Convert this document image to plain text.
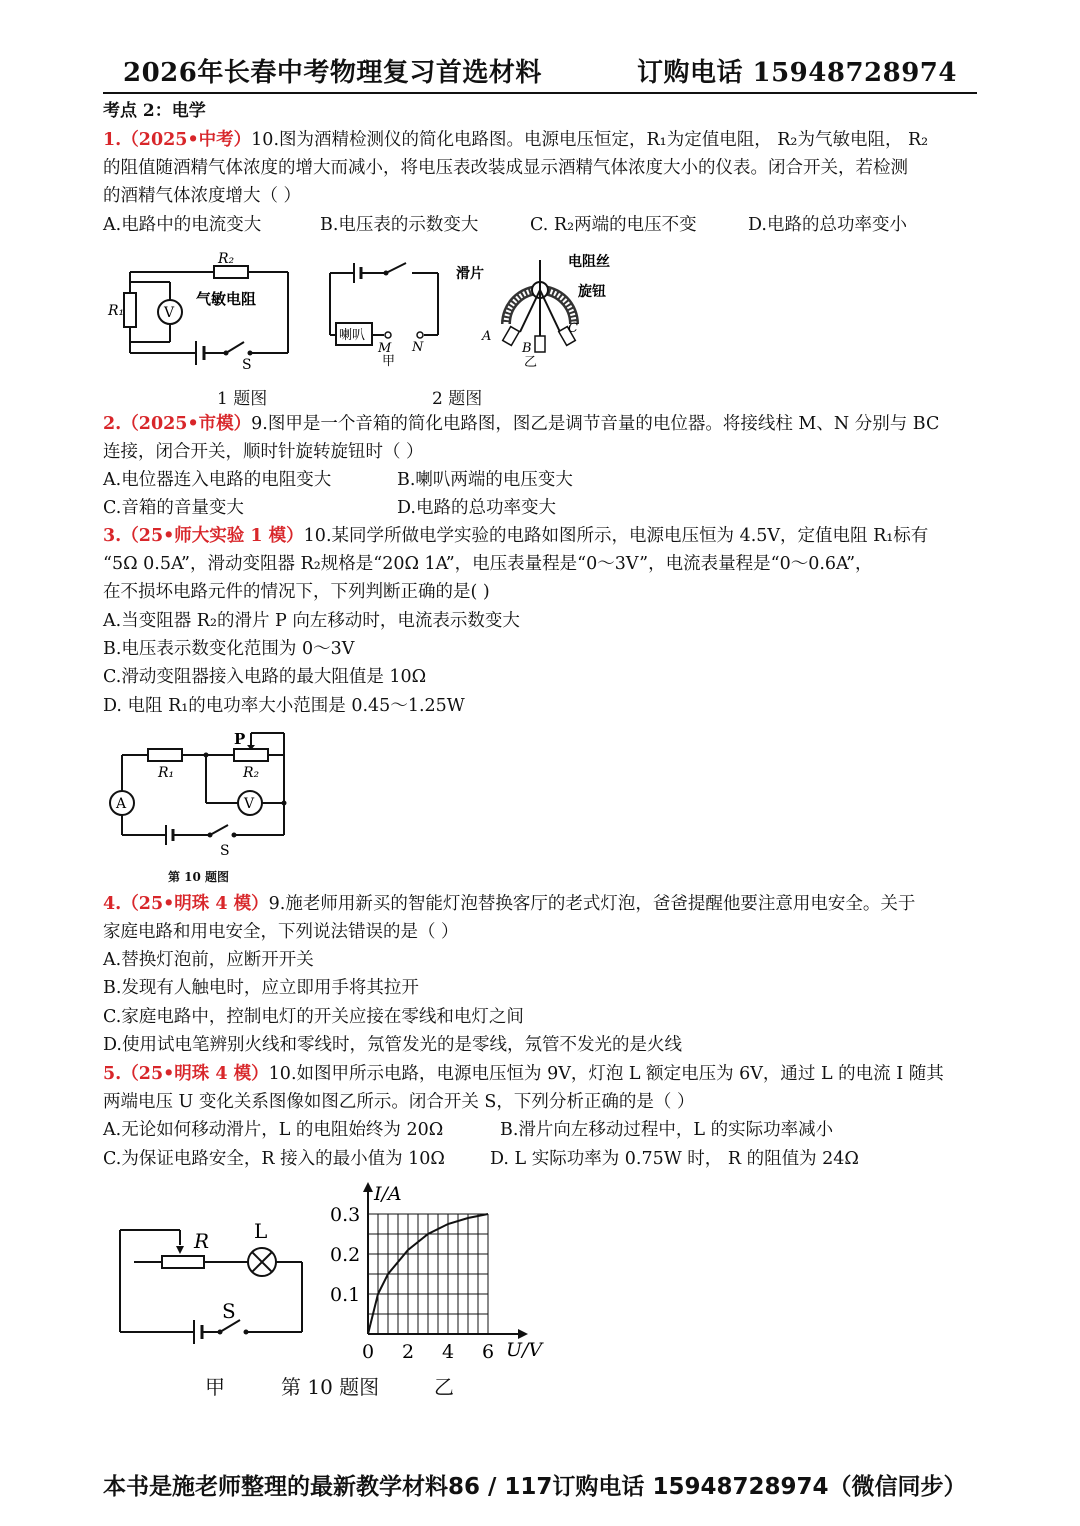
2026年长春中考物理复习首选材料	订购电话 15948728974
考点 2：电学
1.（2025•中考）10.图为酒精检测仪的简化电路图。电源电压恒定，R₁为定值电阻， R₂为气敏电阻， R₂
的阻值随酒精气体浓度的增大而减小，将电压表改装成显示酒精气体浓度大小的仪表。闭合开关，若检测
的酒精气体浓度增大（ ）
A.电路中的电流变大	B.电压表的示数变大	C. R₂两端的电压不变	D.电路的总功率变小
R₂
R₁	V
气敏电阻
S
1 题图
喇叭
M N
甲
滑片
电阻丝
旋钮
A
B
C
乙
2 题图
2.（2025•市模）9.图甲是一个音箱的简化电路图，图乙是调节音量的电位器。将接线柱 M、N 分别与 BC
连接，闭合开关，顺时针旋转旋钮时（ ）
A.电位器连入电路的电阻变大	B.喇叭两端的电压变大
C.音箱的音量变大	D.电路的总功率变大
3.（25•师大实验 1 模）10.某同学所做电学实验的电路如图所示，电源电压恒为 4.5V，定值电阻 R₁标有
“5Ω 0.5A”，滑动变阻器 R₂规格是“20Ω 1A”，电压表量程是“0～3V”，电流表量程是“0～0.6A”，
在不损坏电路元件的情况下，下列判断正确的是( )
A.当变阻器 R₂的滑片 P 向左移动时，电流表示数变大
B.电压表示数变化范围为 0～3V
C.滑动变阻器接入电路的最大阻值是 10Ω
D. 电阻 R₁的电功率大小范围是 0.45～1.25W
P
R₁	R₂
A	V
S
第 10 题图
4.（25•明珠 4 模）9.施老师用新买的智能灯泡替换客厅的老式灯泡，爸爸提醒他要注意用电安全。关于
家庭电路和用电安全，下列说法错误的是（ ）
A.替换灯泡前，应断开开关
B.发现有人触电时，应立即用手将其拉开
C.家庭电路中，控制电灯的开关应接在零线和电灯之间
D.使用试电笔辨别火线和零线时，氖管发光的是零线，氖管不发光的是火线
5.（25•明珠 4 模）10.如图甲所示电路，电源电压恒为 9V，灯泡 L 额定电压为 6V，通过 L 的电流 I 随其
两端电压 U 变化关系图像如图乙所示。闭合开关 S，下列分析正确的是（ ）
A.无论如何移动滑片，L 的电阻始终为 20Ω	B.滑片向左移动过程中，L 的实际功率减小
C.为保证电路安全，R 接入的最小值为 10Ω	D. L 实际功率为 0.75W 时， R 的阻值为 24Ω
R L
S
0 2 4 6
0.1
0.2
0.3
I/A
U/V
甲	第 10 题图	乙
本书是施老师整理的最新教学材料86 / 117订购电话 15948728974（微信同步）
